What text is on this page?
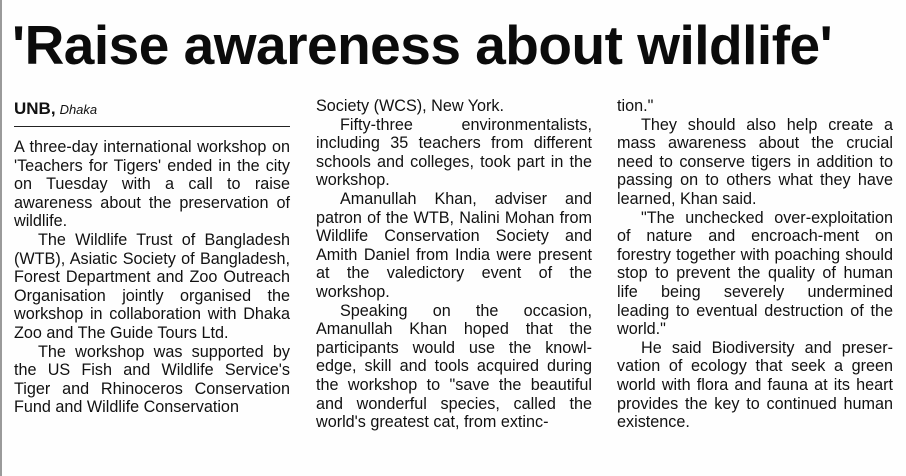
'Raise awareness about wildlife'
UNB, Dhaka

A three-day international workshop on 'Teachers for Tigers' ended in the city on Tuesday with a call to raise awareness about the preservation of wildlife.

The Wildlife Trust of Bangladesh (WTB), Asiatic Society of Bangladesh, Forest Department and Zoo Outreach Organisation jointly organised the workshop in collaboration with Dhaka Zoo and The Guide Tours Ltd.

The workshop was supported by the US Fish and Wildlife Service's Tiger and Rhinoceros Conservation Fund and Wildlife Conservation

Society (WCS), New York.

Fifty-three environmentalists, including 35 teachers from different schools and colleges, took part in the workshop.

Amanullah Khan, adviser and patron of the WTB, Nalini Mohan from Wildlife Conservation Society and Amith Daniel from India were present at the valedictory event of the workshop.

Speaking on the occasion, Amanullah Khan hoped that the participants would use the knowl-edge, skill and tools acquired during the workshop to "save the beautiful and wonderful species, called the world's greatest cat, from extinc-

tion."

They should also help create a mass awareness about the crucial need to conserve tigers in addition to passing on to others what they have learned, Khan said.

"The unchecked over-exploitation of nature and encroach-ment on forestry together with poaching should stop to prevent the quality of human life being severely undermined leading to eventual destruction of the world."

He said Biodiversity and preser-vation of ecology that seek a green world with flora and fauna at its heart provides the key to continued human existence.
